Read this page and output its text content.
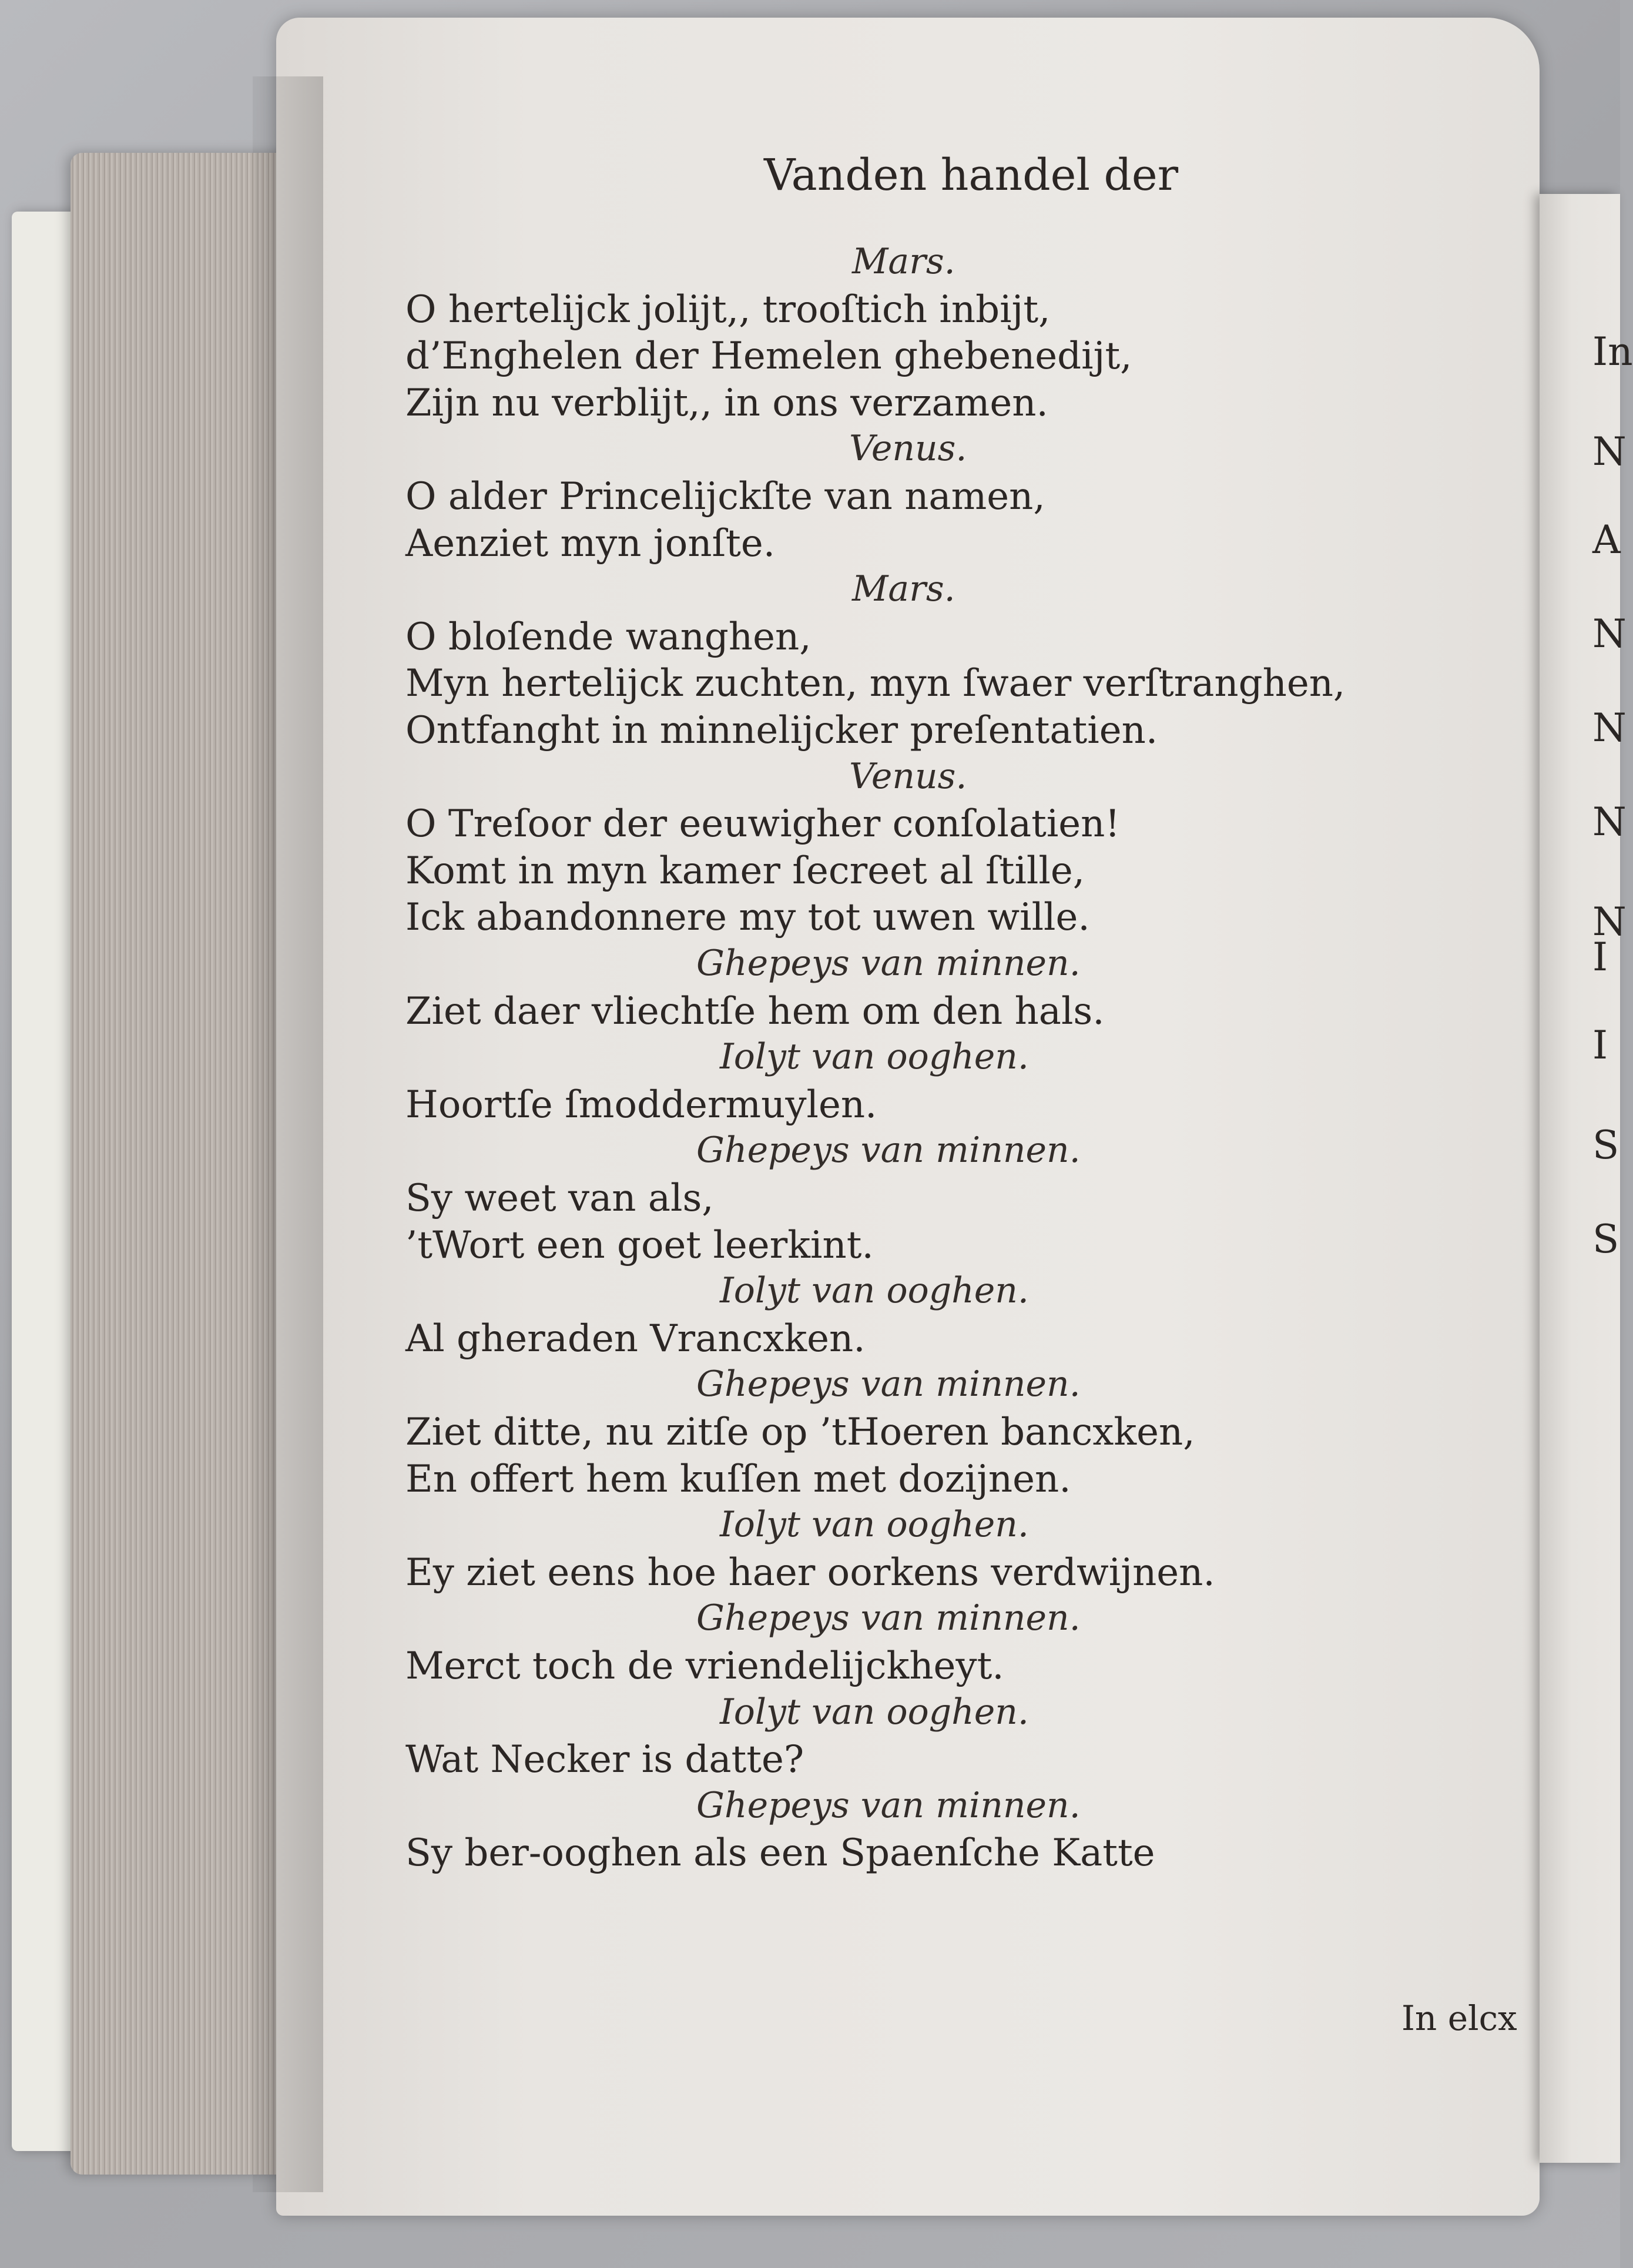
In
N
A
N
N
N
N
I
I
S
S
Vanden handel der
Mars.
O hertelijck jolijt,, trooſtich inbijt,
d’Enghelen der Hemelen ghebenedijt,
Zijn nu verblijt,, in ons verzamen.
Venus.
O alder Princelijckſte van namen,
Aenziet myn jonſte.
Mars.
O bloſende wanghen,
Myn hertelijck zuchten, myn ſwaer verſtranghen,
Ontfanght in minnelijcker preſentatien.
Venus.
O Treſoor der eeuwigher conſolatien!
Komt in myn kamer ſecreet al ſtille,
Ick abandonnere my tot uwen wille.
Ghepeys van minnen.
Ziet daer vliechtſe hem om den hals.
Iolyt van ooghen.
Hoortſe ſmoddermuylen.
Ghepeys van minnen.
Sy weet van als,
’tWort een goet leerkint.
Iolyt van ooghen.
Al gheraden Vrancxken.
Ghepeys van minnen.
Ziet ditte, nu zitſe op ’tHoeren bancxken,
En offert hem kuſſen met dozijnen.
Iolyt van ooghen.
Ey ziet eens hoe haer oorkens verdwijnen.
Ghepeys van minnen.
Merct toch de vriendelijckheyt.
Iolyt van ooghen.
Wat Necker is datte?
Ghepeys van minnen.
Sy ber-ooghen als een Spaenſche Katte
In elcx
